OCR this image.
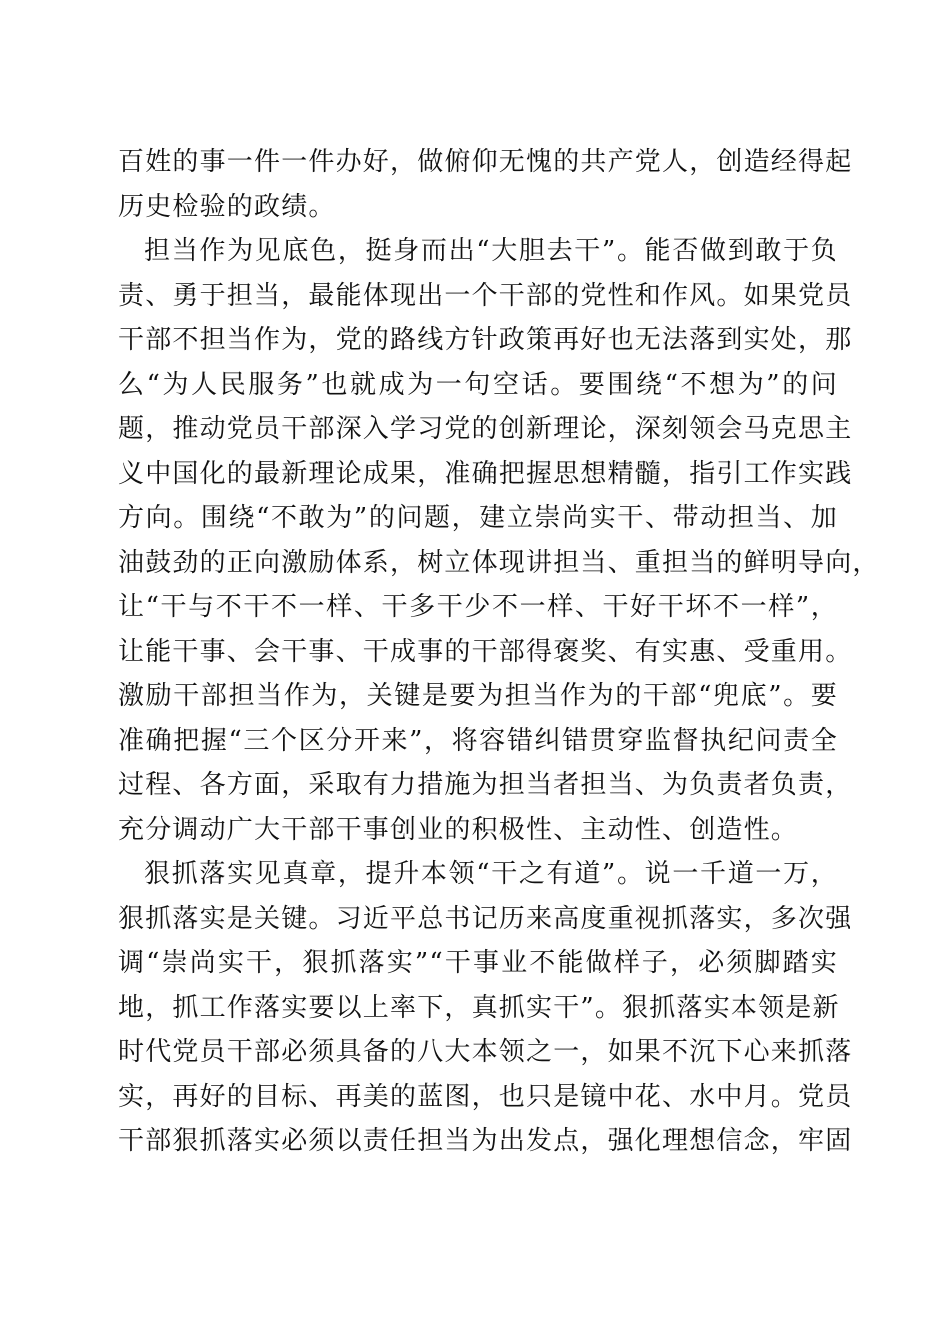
百姓的事一件一件办好，做俯仰无愧的共产党人，创造经得起
历史检验的政绩。
担当作为见底色，挺身而出“大胆去干”。能否做到敢于负
责、勇于担当，最能体现出一个干部的党性和作风。如果党员
干部不担当作为，党的路线方针政策再好也无法落到实处，那
么“为人民服务”也就成为一句空话。要围绕“不想为”的问
题，推动党员干部深入学习党的创新理论，深刻领会马克思主
义中国化的最新理论成果，准确把握思想精髓，指引工作实践
方向。围绕“不敢为”的问题，建立崇尚实干、带动担当、加
油鼓劲的正向激励体系，树立体现讲担当、重担当的鲜明导向，
让“干与不干不一样、干多干少不一样、干好干坏不一样”，
让能干事、会干事、干成事的干部得褒奖、有实惠、受重用。
激励干部担当作为，关键是要为担当作为的干部“兜底”。要
准确把握“三个区分开来”，将容错纠错贯穿监督执纪问责全
过程、各方面，采取有力措施为担当者担当、为负责者负责，
充分调动广大干部干事创业的积极性、主动性、创造性。
狠抓落实见真章，提升本领“干之有道”。说一千道一万，
狠抓落实是关键。习近平总书记历来高度重视抓落实，多次强
调“崇尚实干，狠抓落实”“干事业不能做样子，必须脚踏实
地，抓工作落实要以上率下，真抓实干”。狠抓落实本领是新
时代党员干部必须具备的八大本领之一，如果不沉下心来抓落
实，再好的目标、再美的蓝图，也只是镜中花、水中月。党员
干部狠抓落实必须以责任担当为出发点，强化理想信念，牢固
